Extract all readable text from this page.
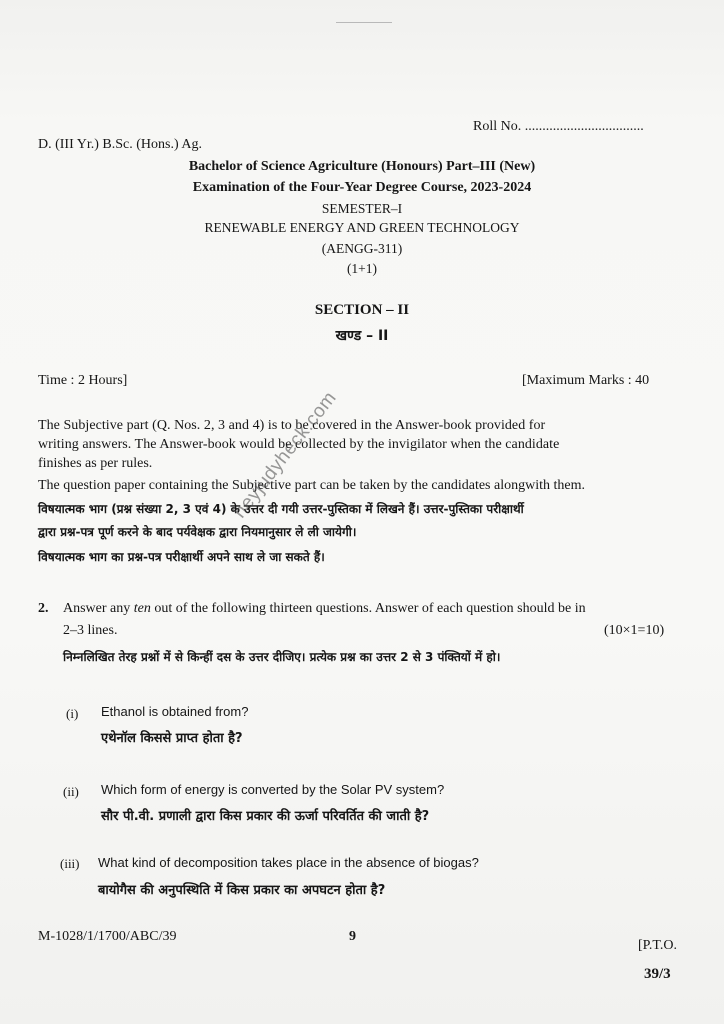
Roll No. ..................................
D. (III Yr.) B.Sc. (Hons.) Ag.
Bachelor of Science Agriculture (Honours) Part–III (New)
Examination of the Four-Year Degree Course, 2023-2024
SEMESTER–I
RENEWABLE ENERGY AND GREEN TECHNOLOGY
(AENGG-311)
(1+1)
SECTION – II
खण्ड – II
Time : 2 Hours]	[Maximum Marks : 40
The Subjective part (Q. Nos. 2, 3 and 4) is to be covered in the Answer-book provided for
writing answers. The Answer-book would be collected by the invigilator when the candidate
finishes as per rules.
The question paper containing the Subjective part can be taken by the candidates alongwith them.
विषयात्मक भाग (प्रश्न संख्या 2, 3 एवं 4) के उत्तर दी गयी उत्तर-पुस्तिका में लिखने हैं। उत्तर-पुस्तिका परीक्षार्थी
द्वारा प्रश्न-पत्र पूर्ण करने के बाद पर्यवेक्षक द्वारा नियमानुसार ले ली जायेगी।
विषयात्मक भाग का प्रश्न-पत्र परीक्षार्थी अपने साथ ले जा सकते हैं।
2. Answer any ten out of the following thirteen questions. Answer of each question should be in
2–3 lines.	(10×1=10)
निम्नलिखित तेरह प्रश्नों में से किन्हीं दस के उत्तर दीजिए। प्रत्येक प्रश्न का उत्तर 2 से 3 पंक्तियों में हो।
(i) Ethanol is obtained from?
एथेनॉल किससे प्राप्त होता है?
(ii) Which form of energy is converted by the Solar PV system?
सौर पी.वी. प्रणाली द्वारा किस प्रकार की ऊर्जा परिवर्तित की जाती है?
(iii) What kind of decomposition takes place in the absence of biogas?
बायोगैस की अनुपस्थिति में किस प्रकार का अपघटन होता है?
M-1028/1/1700/ABC/39	9
[P.T.O.
39/3
heyjudyheck.com
